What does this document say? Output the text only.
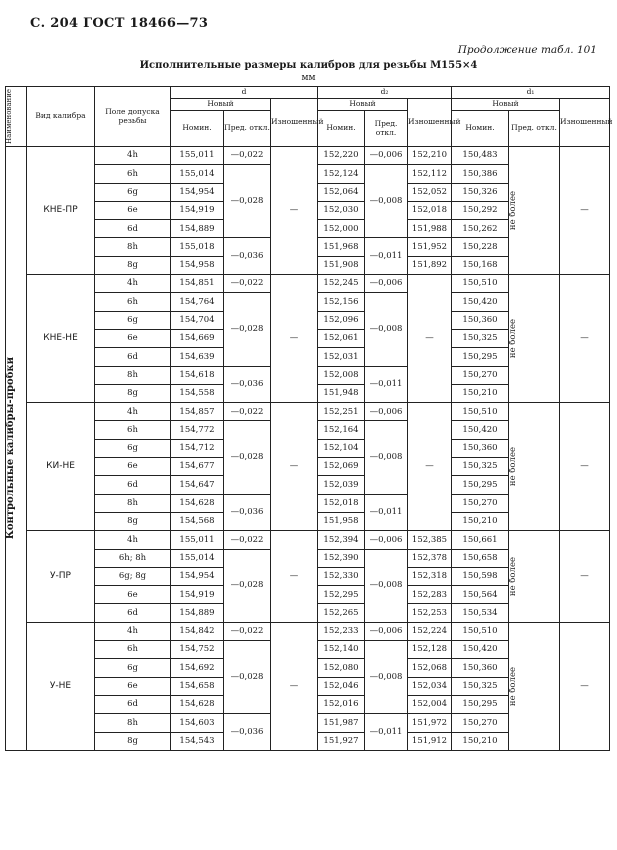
С. 204 ГОСТ 18466—73
Продолжение табл. 101
Исполнительные размеры калибров для резьбы М155×4
мм
Наименование	Вид калибра	Поле допуска резьбы	d			d₂			d₁		
			Новый		Изношенный	Новый		Изношенный	Новый		Изношенный
			Номин.	Пред. откл.		Номин.	Пред. откл.		Номин.	Пред. откл.	

Контрольные калибры-пробки	КНЕ-ПР	4h	155,011	—0,022	—	152,220	—0,006	152,210	150,483	не более	—
		6h	155,014	—0,028		152,124	—0,008	152,112	150,386		
		6g	154,954			152,064		152,052	150,326		
		6e	154,919			152,030		152,018	150,292		
		6d	154,889			152,000		151,988	150,262		
		8h	155,018	—0,036		151,968	—0,011	151,952	150,228		
		8g	154,958			151,908		151,892	150,168		
	КНЕ-НЕ	4h	154,851	—0,022	—	152,245	—0,006	—	150,510	не более	—
		6h	154,764	—0,028		152,156	—0,008		150,420		
		6g	154,704			152,096			150,360		
		6e	154,669			152,061			150,325		
		6d	154,639			152,031			150,295		
		8h	154,618	—0,036		152,008	—0,011		150,270		
		8g	154,558			151,948			150,210		
	КИ-НЕ	4h	154,857	—0,022	—	152,251	—0,006	—	150,510	не более	—
		6h	154,772	—0,028		152,164	—0,008		150,420		
		6g	154,712			152,104			150,360		
		6e	154,677			152,069			150,325		
		6d	154,647			152,039			150,295		
		8h	154,628	—0,036		152,018	—0,011		150,270		
		8g	154,568			151,958			150,210		
	У-ПР	4h	155,011	—0,022	—	152,394	—0,006	152,385	150,661	не более	—
		6h; 8h	155,014	—0,028		152,390	—0,008	152,378	150,658		
		6g; 8g	154,954			152,330		152,318	150,598		
		6e	154,919			152,295		152,283	150,564		
		6d	154,889			152,265		152,253	150,534		
	У-НЕ	4h	154,842	—0,022	—	152,233	—0,006	152,224	150,510	не более	—
		6h	154,752	—0,028		152,140	—0,008	152,128	150,420		
		6g	154,692			152,080		152,068	150,360		
		6e	154,658			152,046		152,034	150,325		
		6d	154,628			152,016		152,004	150,295		
		8h	154,603	—0,036		151,987	—0,011	151,972	150,270		
		8g	154,543			151,927		151,912	150,210		
